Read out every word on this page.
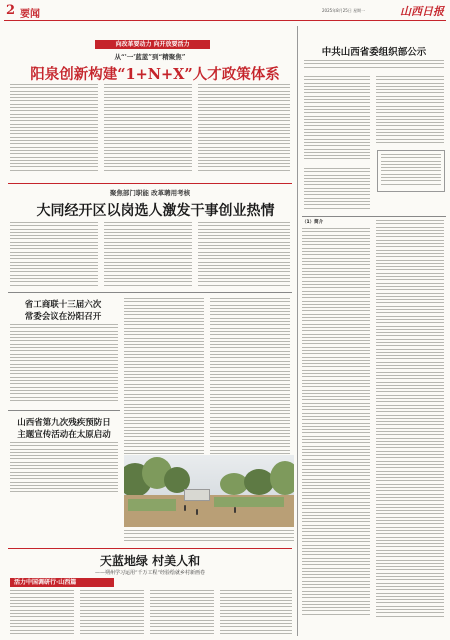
2 要闻	2025年8月25日 星期一	山西日报
向改革要动力 向开放要活力
从“'一'蓝蓝”到“精聚焦”
阳泉创新构建“1+N+X”人才政策体系
聚焦部门职能 改革聘用考核
大同经开区以岗选人激发干事创业热情
省工商联十三届六次
常委会议在汾阳召开
山西省第九次残疾预防日
主题宣传活动在太原启动
天蓝地绿 村美人和
——朔州学习运用“千万工程”经验绘就乡村新画卷
活力中国调研行·山西篇
中共山西省委组织部公示
（1）简介
